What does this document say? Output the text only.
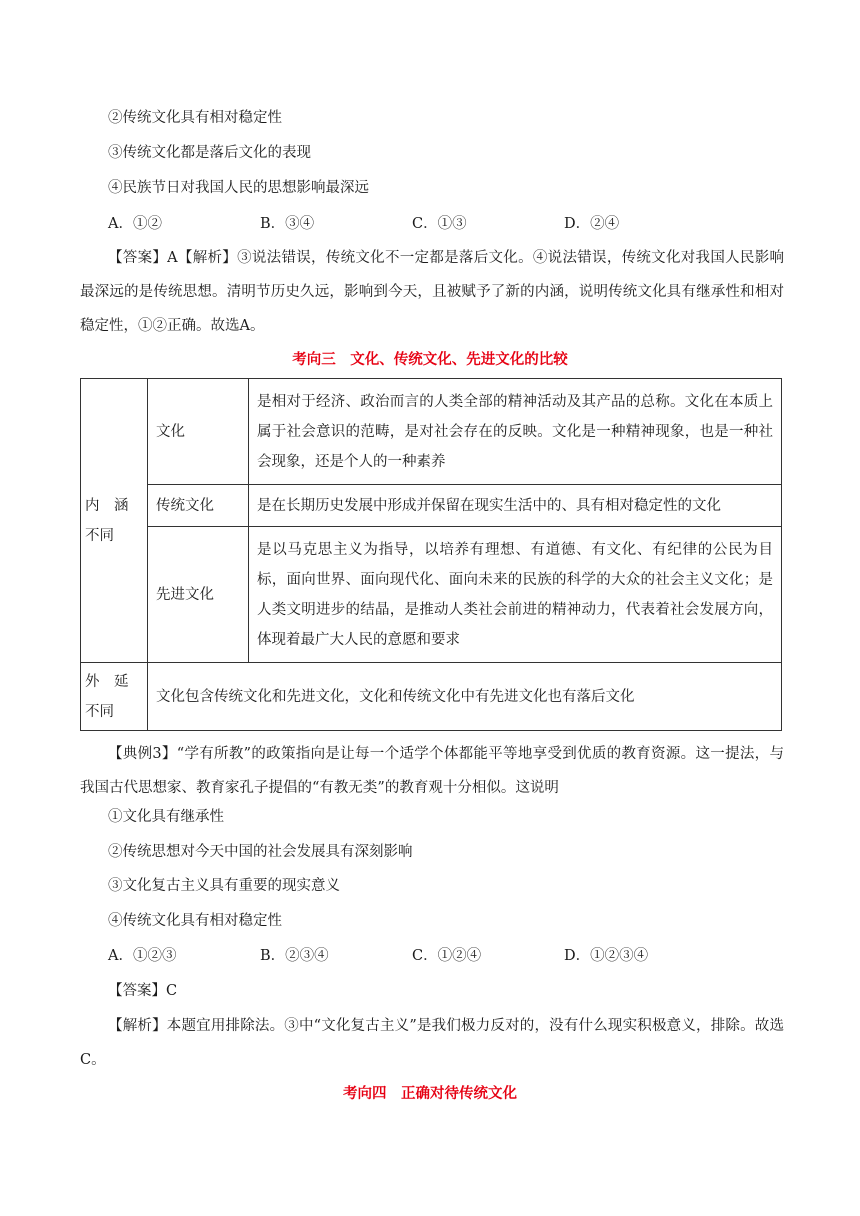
②传统文化具有相对稳定性
③传统文化都是落后文化的表现
④民族节日对我国人民的思想影响最深远
A．①②	B．③④	C．①③	D．②④
【答案】A【解析】③说法错误，传统文化不一定都是落后文化。④说法错误，传统文化对我国人民影响最深远的是传统思想。清明节历史久远，影响到今天，且被赋予了新的内涵，说明传统文化具有继承性和相对稳定性，①②正确。故选A。
考向三　文化、传统文化、先进文化的比较
内　涵
不同	文化	是相对于经济、政治而言的人类全部的精神活动及其产品的总称。文化在本质上属于社会意识的范畴，是对社会存在的反映。文化是一种精神现象，也是一种社会现象，还是个人的一种素养
	传统文化	是在长期历史发展中形成并保留在现实生活中的、具有相对稳定性的文化
	先进文化	是以马克思主义为指导，以培养有理想、有道德、有文化、有纪律的公民为目标，面向世界、面向现代化、面向未来的民族的科学的大众的社会主义文化；是人类文明进步的结晶，是推动人类社会前进的精神动力，代表着社会发展方向，体现着最广大人民的意愿和要求
外　延
不同	文化包含传统文化和先进文化，文化和传统文化中有先进文化也有落后文化	
【典例3】“学有所教”的政策指向是让每一个适学个体都能平等地享受到优质的教育资源。这一提法，与我国古代思想家、教育家孔子提倡的“有教无类”的教育观十分相似。这说明
①文化具有继承性
②传统思想对今天中国的社会发展具有深刻影响
③文化复古主义具有重要的现实意义
④传统文化具有相对稳定性
A．①②③	B．②③④	C．①②④	D．①②③④
【答案】C
【解析】本题宜用排除法。③中“文化复古主义”是我们极力反对的，没有什么现实积极意义，排除。故选C。
考向四　正确对待传统文化
